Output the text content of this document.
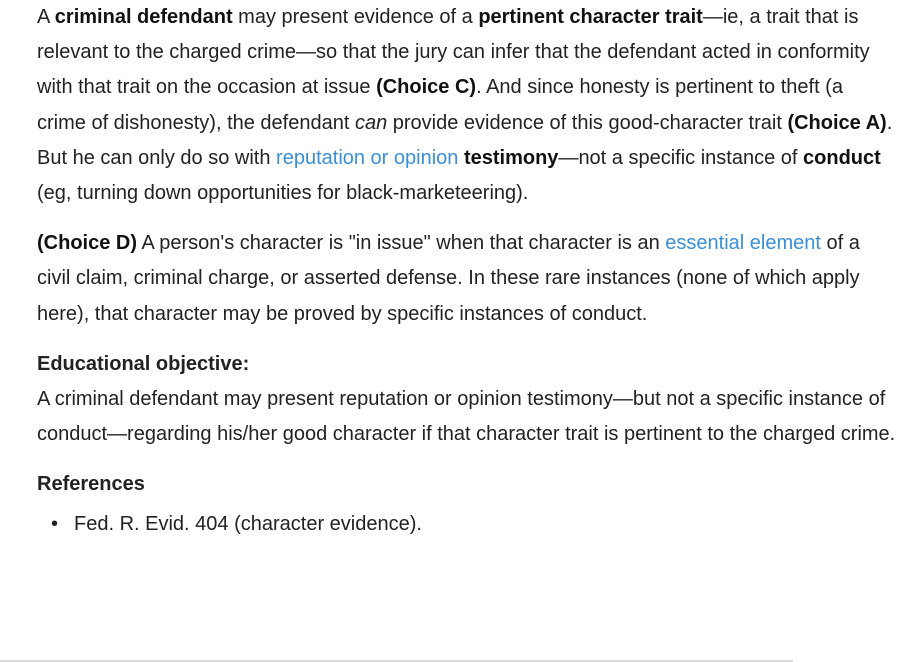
A criminal defendant may present evidence of a pertinent character trait—ie, a trait that is relevant to the charged crime—so that the jury can infer that the defendant acted in conformity with that trait on the occasion at issue (Choice C). And since honesty is pertinent to theft (a crime of dishonesty), the defendant can provide evidence of this good-character trait (Choice A). But he can only do so with reputation or opinion testimony—not a specific instance of conduct (eg, turning down opportunities for black-marketeering).

(Choice D) A person's character is "in issue" when that character is an essential element of a civil claim, criminal charge, or asserted defense. In these rare instances (none of which apply here), that character may be proved by specific instances of conduct.

Educational objective:

A criminal defendant may present reputation or opinion testimony—but not a specific instance of conduct—regarding his/her good character if that character trait is pertinent to the charged crime.

References

• Fed. R. Evid. 404 (character evidence).
